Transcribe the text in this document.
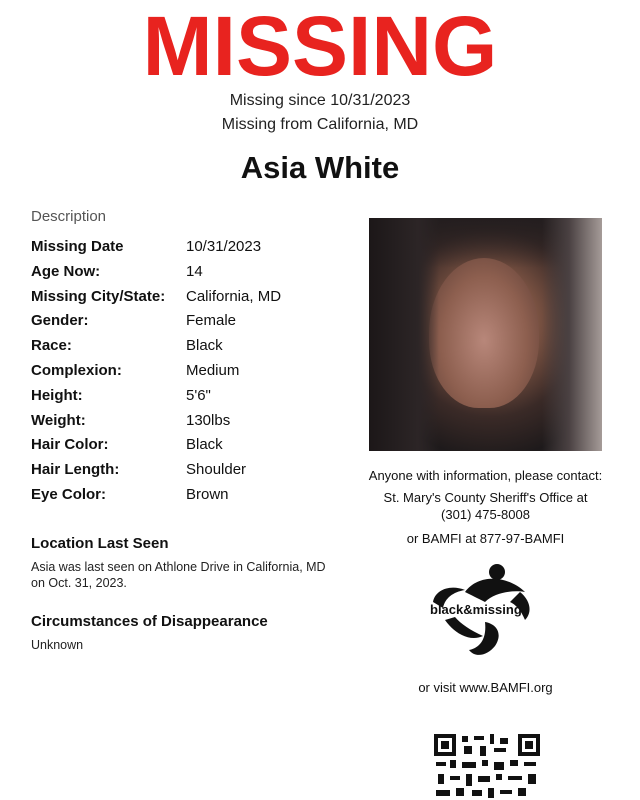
MISSING
Missing since 10/31/2023
Missing from California, MD
Asia White
Description
Missing Date	10/31/2023
Age Now:	14
Missing City/State:	California, MD
Gender:	Female
Race:	Black
Complexion:	Medium
Height:	5'6"
Weight:	130lbs
Hair Color:	Black
Hair Length:	Shoulder
Eye Color:	Brown
Location Last Seen
Asia was last seen on Athlone Drive in California, MD on Oct. 31, 2023.
Circumstances of Disappearance
Unknown
Anyone with information, please contact:
St. Mary's County Sheriff's Office at
(301) 475-8008
or BAMFI at 877-97-BAMFI
black&missing
or visit www.BAMFI.org
